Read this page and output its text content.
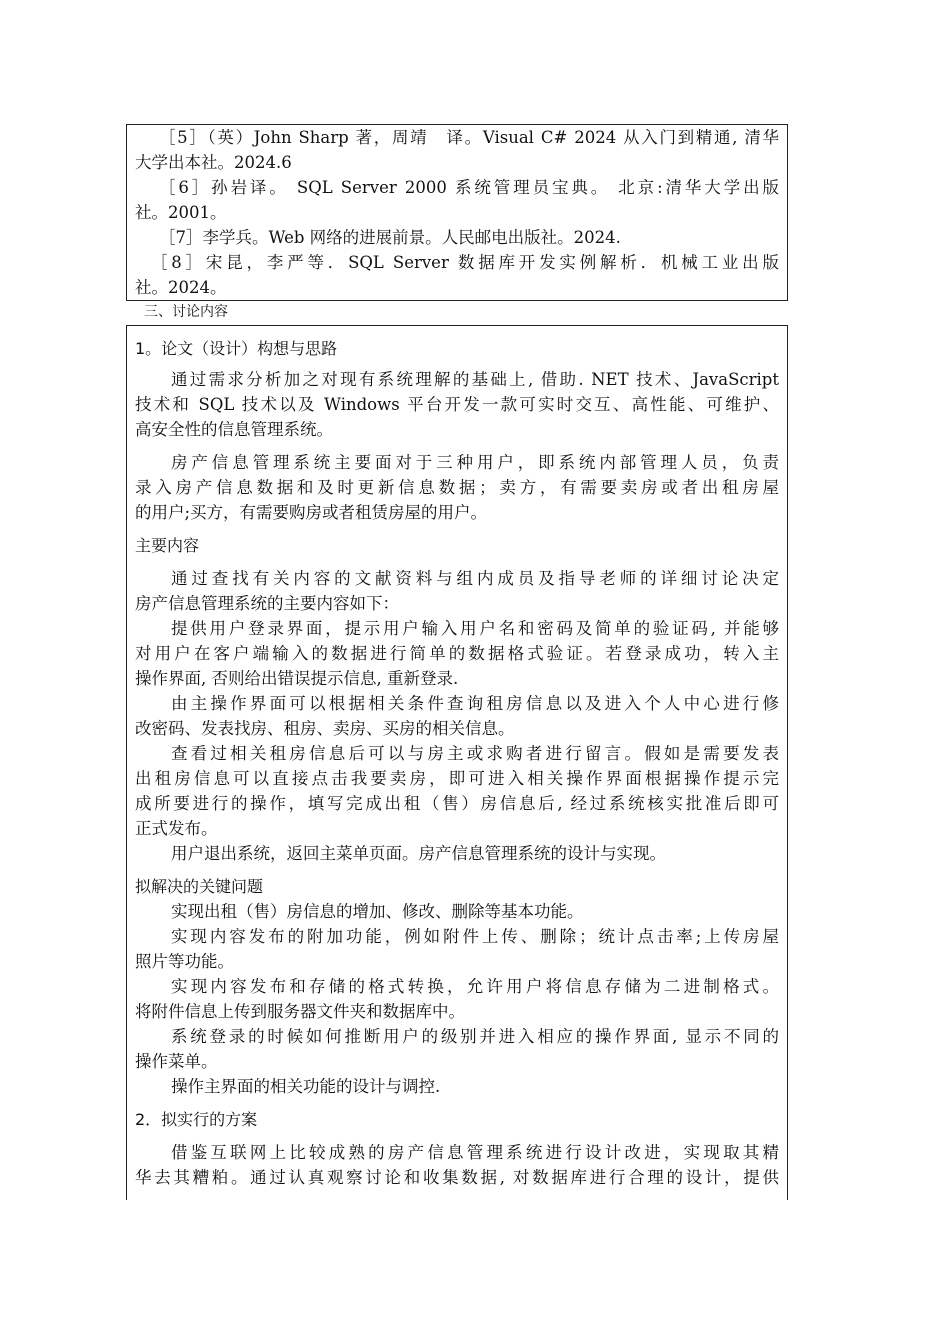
［5］（英）John Sharp 著，周靖　译。Visual C# 2024 从入门到精通, 清华
大学出本社。2024.6
［6］孙岩译。 SQL Server 2000 系统管理员宝典。 北京:清华大学出版
社。2001。
［7］李学兵。Web 网络的进展前景。人民邮电出版社。2024.
［8］宋昆，李严等．SQL Server 数据库开发实例解析．机械工业出版
社。2024。
三、讨论内容
1。论文（设计）构想与思路
通过需求分析加之对现有系统理解的基础上, 借助. NET 技术、JavaScript
技术和 SQL 技术以及 Windows 平台开发一款可实时交互、高性能、可维护、
高安全性的信息管理系统。
房产信息管理系统主要面对于三种用户，即系统内部管理人员，负责
录入房产信息数据和及时更新信息数据；卖方，有需要卖房或者出租房屋
的用户;买方，有需要购房或者租赁房屋的用户。
主要内容
通过查找有关内容的文献资料与组内成员及指导老师的详细讨论决定
房产信息管理系统的主要内容如下：
提供用户登录界面，提示用户输入用户名和密码及简单的验证码, 并能够
对用户在客户端输入的数据进行简单的数据格式验证。若登录成功，转入主
操作界面, 否则给出错误提示信息, 重新登录.
由主操作界面可以根据相关条件查询租房信息以及进入个人中心进行修
改密码、发表找房、租房、卖房、买房的相关信息。
查看过相关租房信息后可以与房主或求购者进行留言。假如是需要发表
出租房信息可以直接点击我要卖房，即可进入相关操作界面根据操作提示完
成所要进行的操作，填写完成出租（售）房信息后, 经过系统核实批准后即可
正式发布。
用户退出系统，返回主菜单页面。房产信息管理系统的设计与实现。
拟解决的关键问题
实现出租（售）房信息的增加、修改、删除等基本功能。
实现内容发布的附加功能，例如附件上传、删除；统计点击率;上传房屋
照片等功能。
实现内容发布和存储的格式转换，允许用户将信息存储为二进制格式。
将附件信息上传到服务器文件夹和数据库中。
系统登录的时候如何推断用户的级别并进入相应的操作界面, 显示不同的
操作菜单。
操作主界面的相关功能的设计与调控.
2．拟实行的方案
借鉴互联网上比较成熟的房产信息管理系统进行设计改进，实现取其精
华去其糟粕。通过认真观察讨论和收集数据, 对数据库进行合理的设计，提供
